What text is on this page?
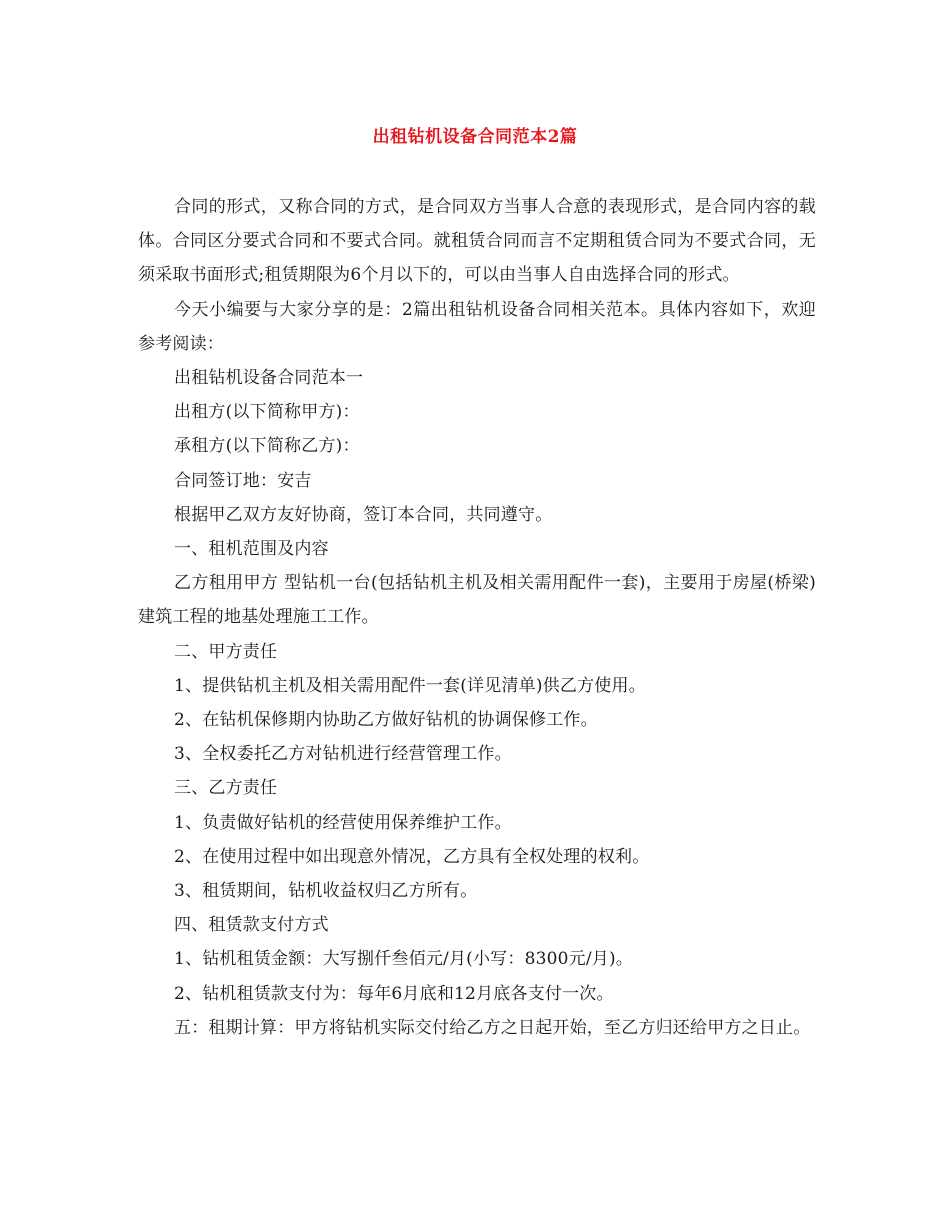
出租钻机设备合同范本2篇

合同的形式，又称合同的方式，是合同双方当事人合意的表现形式，是合同内容的载体。合同区分要式合同和不要式合同。就租赁合同而言不定期租赁合同为不要式合同，无须采取书面形式;租赁期限为6个月以下的，可以由当事人自由选择合同的形式。

今天小编要与大家分享的是：2篇出租钻机设备合同相关范本。具体内容如下，欢迎参考阅读：

出租钻机设备合同范本一

出租方(以下简称甲方)：

承租方(以下简称乙方)：

合同签订地：安吉

根据甲乙双方友好协商，签订本合同，共同遵守。

一、租机范围及内容

乙方租用甲方 型钻机一台(包括钻机主机及相关需用配件一套)，主要用于房屋(桥梁)建筑工程的地基处理施工工作。

二、甲方责任

1、提供钻机主机及相关需用配件一套(详见清单)供乙方使用。

2、在钻机保修期内协助乙方做好钻机的协调保修工作。

3、全权委托乙方对钻机进行经营管理工作。

三、乙方责任

1、负责做好钻机的经营使用保养维护工作。

2、在使用过程中如出现意外情况，乙方具有全权处理的权利。

3、租赁期间，钻机收益权归乙方所有。

四、租赁款支付方式

1、钻机租赁金额：大写捌仟叁佰元/月(小写：8300元/月)。

2、钻机租赁款支付为：每年6月底和12月底各支付一次。

五：租期计算：甲方将钻机实际交付给乙方之日起开始，至乙方归还给甲方之日止。
